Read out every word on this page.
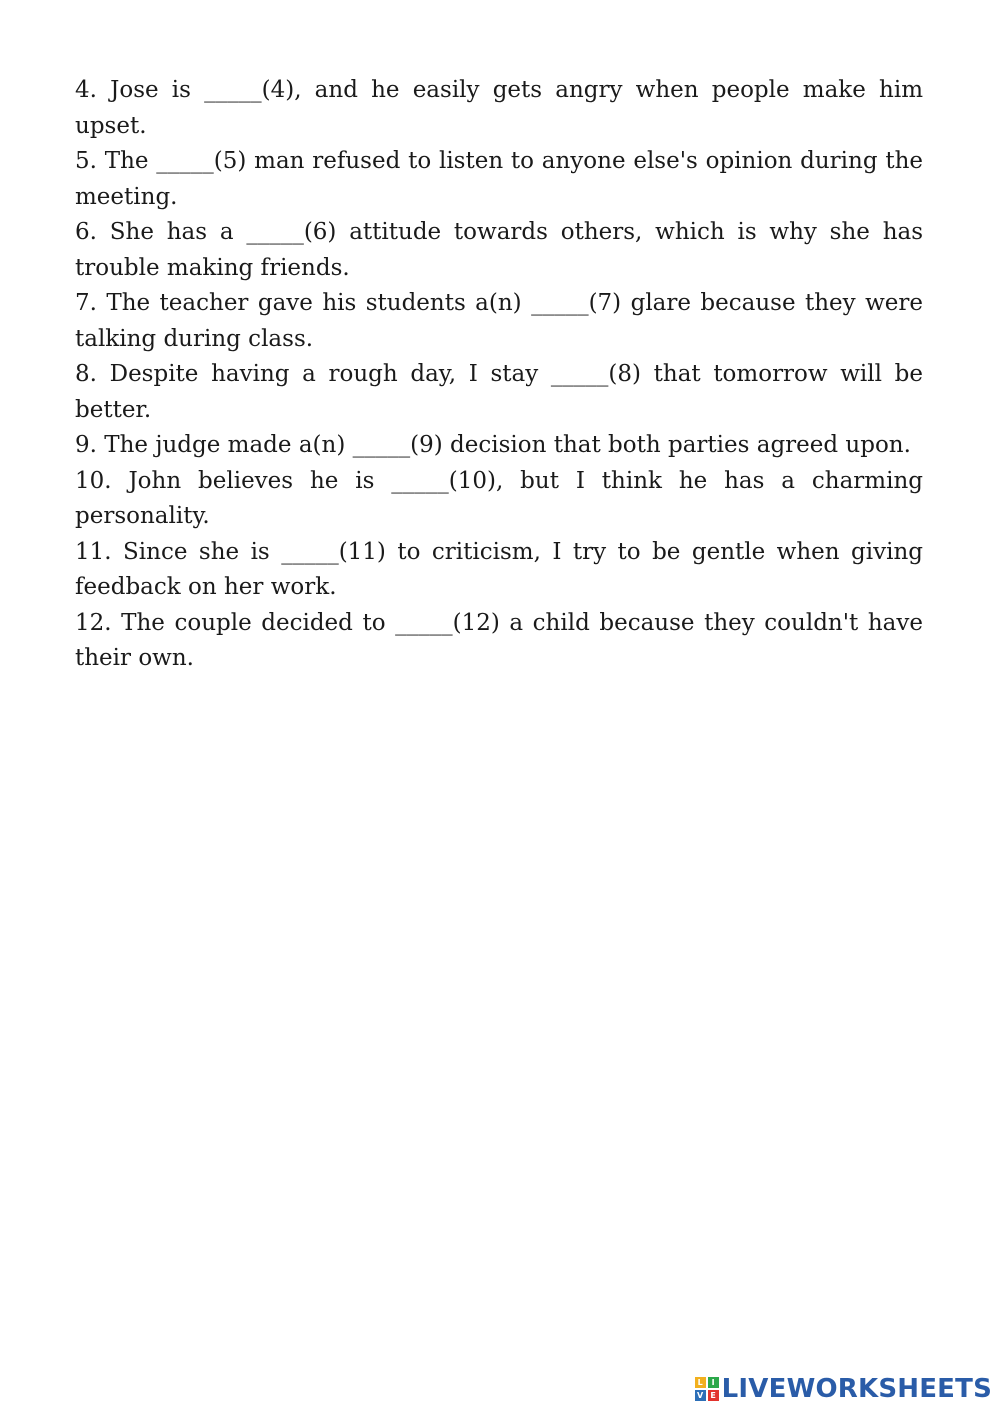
4. Jose is _____(4), and he easily gets angry when people make him upset.

5. The _____(5) man refused to listen to anyone else's opinion during the meeting.

6. She has a _____(6) attitude towards others, which is why she has trouble making friends.

7. The teacher gave his students a(n) _____(7) glare because they were talking during class.

8. Despite having a rough day, I stay _____(8) that tomorrow will be better.

9. The judge made a(n) _____(9) decision that both parties agreed upon.

10. John believes he is _____(10), but I think he has a charming personality.

11. Since she is _____(11) to criticism, I try to be gentle when giving feedback on her work.

12. The couple decided to _____(12) a child because they couldn't have their own.

L	I
V E LIVEWORKSHEETS
